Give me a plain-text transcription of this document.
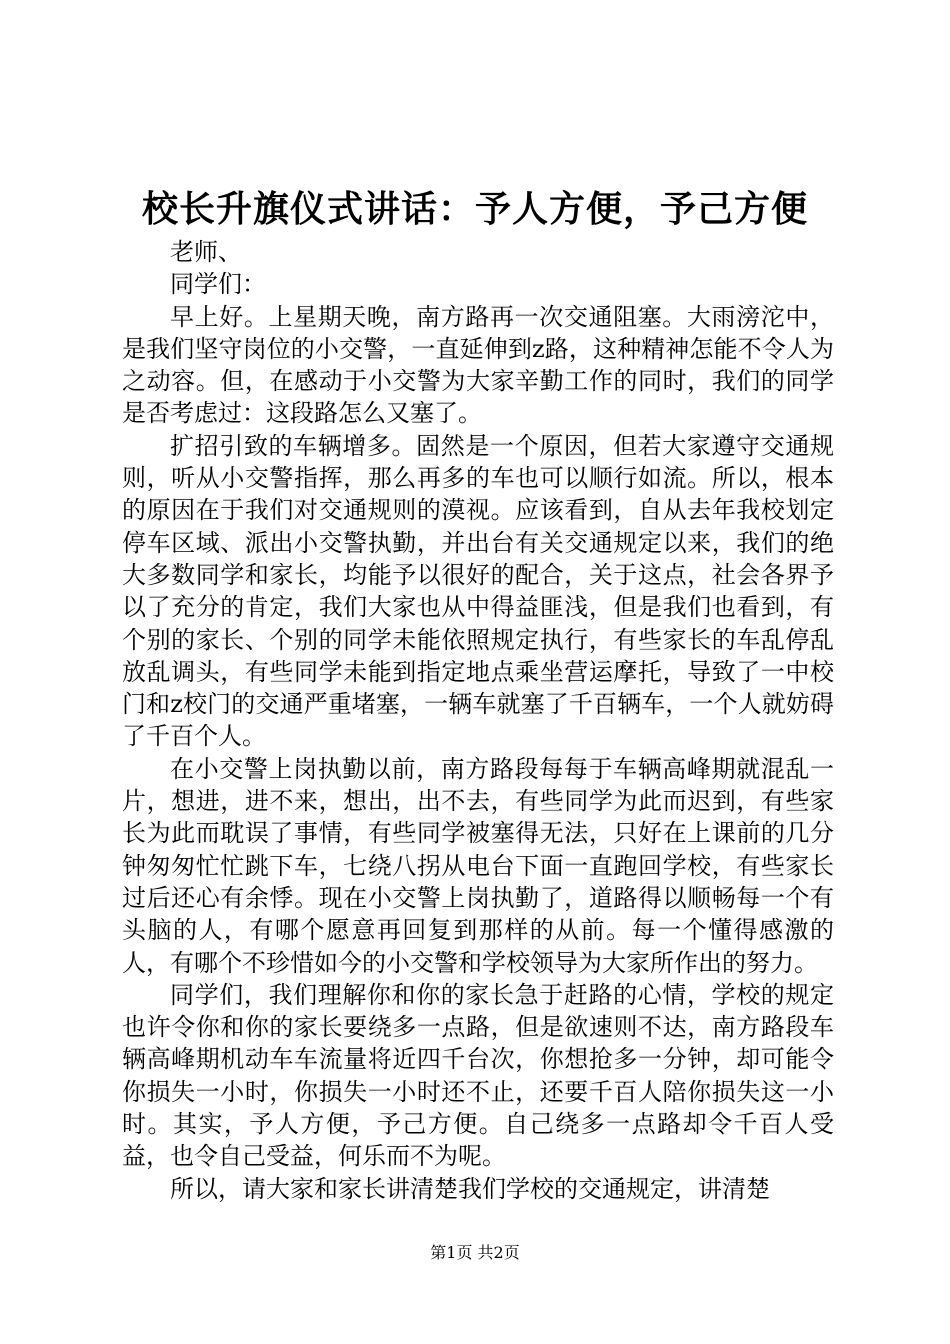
校长升旗仪式讲话：予人方便，予己方便
老师、
同学们：

早上好。上星期天晚，南方路再一次交通阻塞。大雨滂沱中，是我们坚守岗位的小交警，一直延伸到z路，这种精神怎能不令人为之动容。但，在感动于小交警为大家辛勤工作的同时，我们的同学是否考虑过：这段路怎么又塞了。

扩招引致的车辆增多。固然是一个原因，但若大家遵守交通规则，听从小交警指挥，那么再多的车也可以顺行如流。所以，根本的原因在于我们对交通规则的漠视。应该看到，自从去年我校划定停车区域、派出小交警执勤，并出台有关交通规定以来，我们的绝大多数同学和家长，均能予以很好的配合，关于这点，社会各界予以了充分的肯定，我们大家也从中得益匪浅，但是我们也看到，有个别的家长、个别的同学未能依照规定执行，有些家长的车乱停乱放乱调头，有些同学未能到指定地点乘坐营运摩托，导致了一中校门和z校门的交通严重堵塞，一辆车就塞了千百辆车，一个人就妨碍了千百个人。

在小交警上岗执勤以前，南方路段每每于车辆高峰期就混乱一片，想进，进不来，想出，出不去，有些同学为此而迟到，有些家长为此而耽误了事情，有些同学被塞得无法，只好在上课前的几分钟匆匆忙忙跳下车，七绕八拐从电台下面一直跑回学校，有些家长过后还心有余悸。现在小交警上岗执勤了，道路得以顺畅每一个有头脑的人，有哪个愿意再回复到那样的从前。每一个懂得感激的人，有哪个不珍惜如今的小交警和学校领导为大家所作出的努力。

同学们，我们理解你和你的家长急于赶路的心情，学校的规定也许令你和你的家长要绕多一点路，但是欲速则不达，南方路段车辆高峰期机动车车流量将近四千台次，你想抢多一分钟，却可能令你损失一小时，你损失一小时还不止，还要千百人陪你损失这一小时。其实，予人方便，予己方便。自己绕多一点路却令千百人受益，也令自己受益，何乐而不为呢。

所以，请大家和家长讲清楚我们学校的交通规定，讲清楚

第1页 共2页
